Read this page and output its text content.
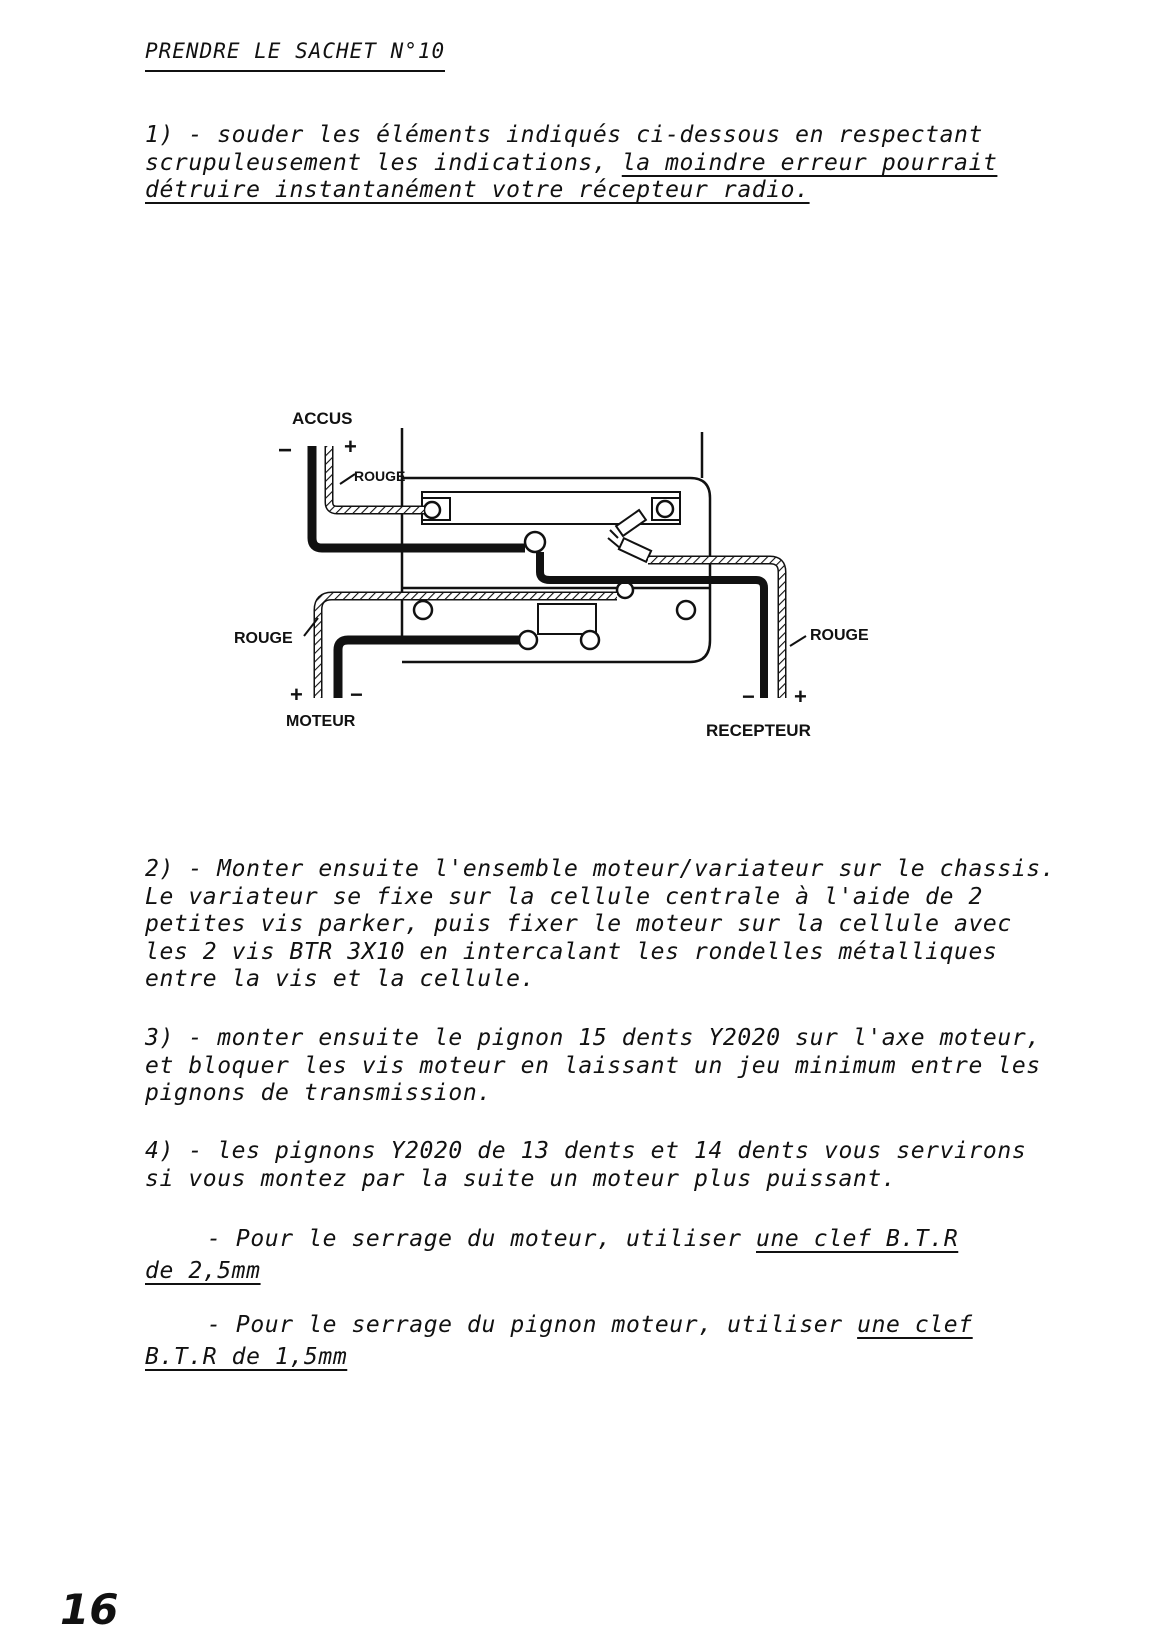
PRENDRE LE SACHET N°10
1) - souder les éléments indiqués ci-dessous en respectant
scrupuleusement les indications, la moindre erreur pourrait
détruire instantanément votre récepteur radio.
ACCUS
− +
ROUGE
ROUGE
+ −
MOTEUR
ROUGE
− +
RECEPTEUR
2) - Monter ensuite l'ensemble moteur/variateur sur le chassis.
Le variateur se fixe sur la cellule centrale à l'aide de 2
petites vis parker, puis fixer le moteur sur la cellule avec
les 2 vis BTR 3X10 en intercalant les rondelles métalliques
entre la vis et la cellule.
3) - monter ensuite le pignon 15 dents Y2020 sur l'axe moteur,
et bloquer les vis moteur en laissant un jeu minimum entre les
pignons de transmission.
4) - les pignons Y2020 de 13 dents et 14 dents vous servirons
si vous montez par la suite un moteur plus puissant.
- Pour le serrage du moteur, utiliser une clef B.T.R
de 2,5mm
- Pour le serrage du pignon moteur, utiliser une clef
B.T.R de 1,5mm
16
